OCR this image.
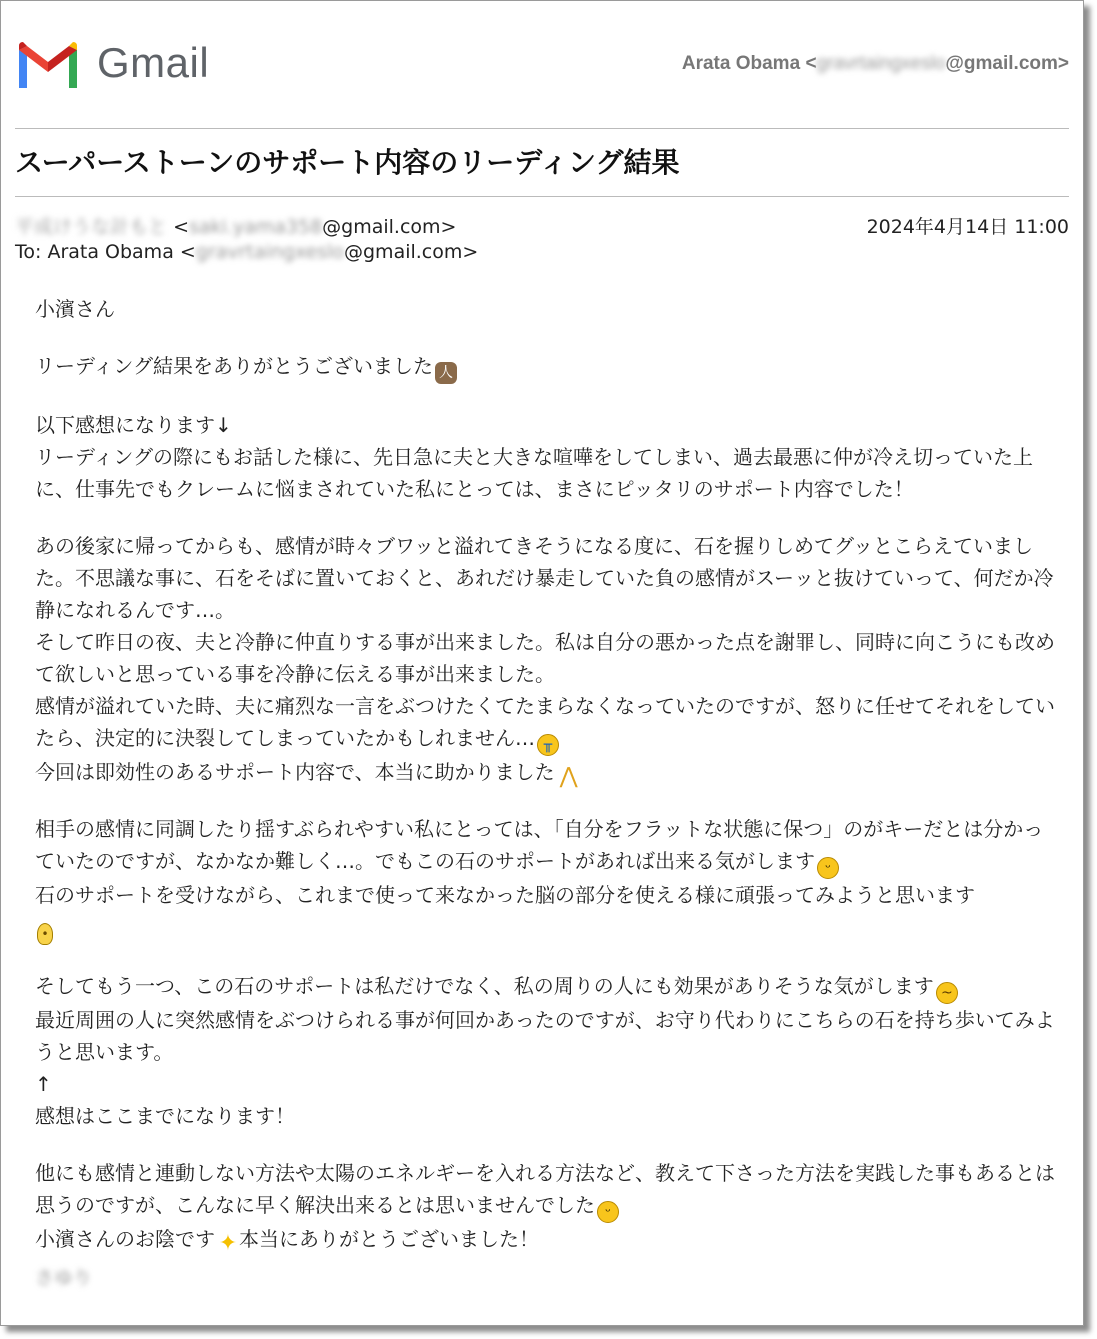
Gmail	Arata Obama <gravrtaingxeslo@gmail.com>
スーパーストーンのサポート内容のリーディング結果
平成けうな計もと <saki.yama358@gmail.com>	2024年4月14日 11:00
To: Arata Obama <gravrtaingxeslo@gmail.com>

小濱さん

リーディング結果をありがとうございました 人

以下感想になります↓
リーディングの際にもお話した様に、先日急に夫と大きな喧嘩をしてしまい、過去最悪に仲が冷え切っていた上に、仕事先でもクレームに悩まされていた私にとっては、まさにピッタリのサポート内容でした！

あの後家に帰ってからも、感情が時々ブワッと溢れてきそうになる度に、石を握りしめてグッとこらえていました。不思議な事に、石をそばに置いておくと、あれだけ暴走していた負の感情がスーッと抜けていって、何だか冷静になれるんです…。
そして昨日の夜、夫と冷静に仲直りする事が出来ました。私は自分の悪かった点を謝罪し、同時に向こうにも改めて欲しいと思っている事を冷静に伝える事が出来ました。
感情が溢れていた時、夫に痛烈な一言をぶつけたくてたまらなくなっていたのですが、怒りに任せてそれをしていたら、決定的に決裂してしまっていたかもしれません… ╥
今回は即効性のあるサポート内容で、本当に助かりました ⋀

相手の感情に同調したり揺すぶられやすい私にとっては、「自分をフラットな状態に保つ」のがキーだとは分かっていたのですが、なかなか難しく…。でもこの石のサポートがあれば出来る気がします ᵕ
石のサポートを受けながら、これまで使って来なかった脳の部分を使える様に頑張ってみようと思います
•

そしてもう一つ、この石のサポートは私だけでなく、私の周りの人にも効果がありそうな気がします ~
最近周囲の人に突然感情をぶつけられる事が何回かあったのですが、お守り代わりにこちらの石を持ち歩いてみようと思います。
↑
感想はここまでになります！

他にも感情と連動しない方法や太陽のエネルギーを入れる方法など、教えて下さった方法を実践した事もあるとは思うのですが、こんなに早く解決出来るとは思いませんでした ᵕ
小濱さんのお陰です ✦本当にありがとうございました！

さゆり
